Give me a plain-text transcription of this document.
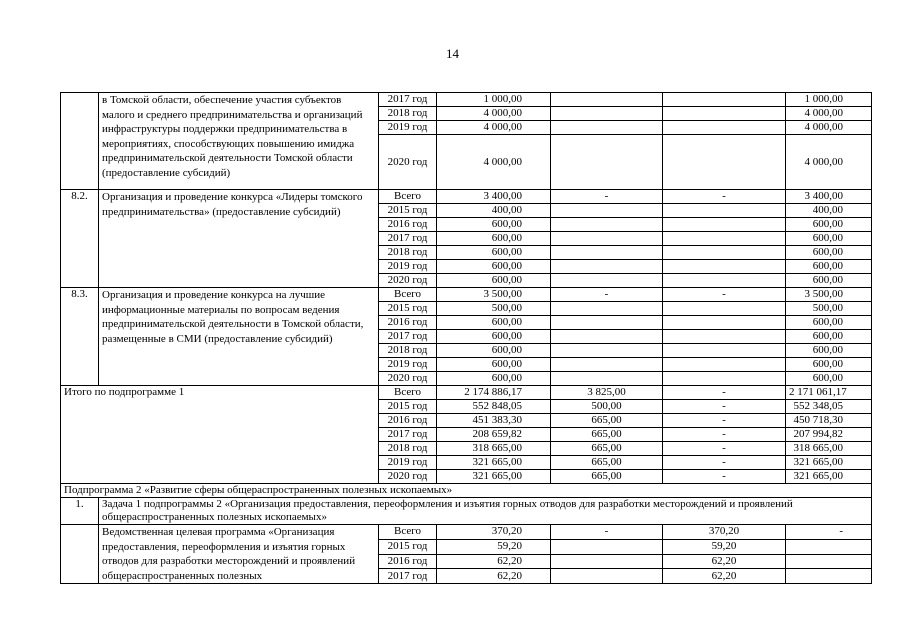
14
	в Томской области, обеспечение участия субъектов малого и среднего предпринимательства и организаций инфраструктуры поддержки предпринимательства в мероприятиях, способствующих повышению имиджа предпринимательской деятельности Томской области (предоставление субсидий)	2017 год	1 000,00			1 000,00
		2018 год	4 000,00			4 000,00
		2019 год	4 000,00			4 000,00
		2020 год	4 000,00			4 000,00
8.2.	Организация и проведение конкурса «Лидеры томского предпринимательства» (предоставление субсидий)	Всего	3 400,00	-	-	3 400,00
		2015 год	400,00			400,00
		2016 год	600,00			600,00
		2017 год	600,00			600,00
		2018 год	600,00			600,00
		2019 год	600,00			600,00
		2020 год	600,00			600,00
8.3.	Организация и проведение конкурса на лучшие информационные материалы по вопросам ведения предпринимательской деятельности в Томской области, размещенные в СМИ (предоставление субсидий)	Всего	3 500,00	-	-	3 500,00
		2015 год	500,00			500,00
		2016 год	600,00			600,00
		2017 год	600,00			600,00
		2018 год	600,00			600,00
		2019 год	600,00			600,00
		2020 год	600,00			600,00
Итого по подпрограмме 1		Всего	2 174 886,17	3 825,00	-	2 171 061,17
		2015 год	552 848,05	500,00	-	552 348,05
		2016 год	451 383,30	665,00	-	450 718,30
		2017 год	208 659,82	665,00	-	207 994,82
		2018 год	318 665,00	665,00	-	318 665,00
		2019 год	321 665,00	665,00	-	321 665,00
		2020 год	321 665,00	665,00	-	321 665,00
Подпрограмма 2 «Развитие сферы общераспространенных полезных ископаемых»						
1.	Задача 1 подпрограммы 2 «Организация предоставления, переоформления и изъятия горных отводов для разработки месторождений и проявлений общераспространенных полезных ископаемых»					
	Ведомственная целевая программа «Организация предоставления, переоформления и изъятия горных отводов для разработки месторождений и проявлений общераспространенных полезных	Всего	370,20	-	370,20	-
		2015 год	59,20		59,20	
		2016 год	62,20		62,20	
		2017 год	62,20		62,20	
